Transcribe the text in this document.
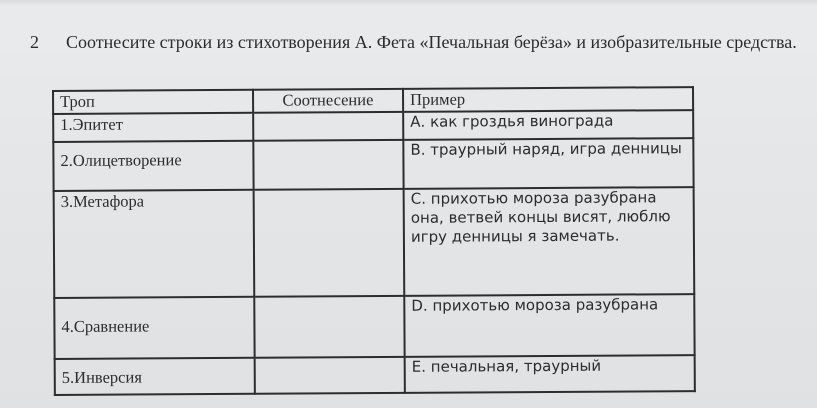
2	Соотнесите строки из стихотворения А. Фета «Печальная берёза» и изобразительные средства.
Троп	Соотнесение	Пример
1.Эпитет		А. как гроздья винограда
2.Олицетворение		В. траурный наряд, игра денницы
3.Метафора		С. прихотью мороза разубрана она, ветвей концы висят, люблю игру денницы я замечать.
4.Сравнение		D. прихотью мороза разубрана
5.Инверсия		Е. печальная, траурный
